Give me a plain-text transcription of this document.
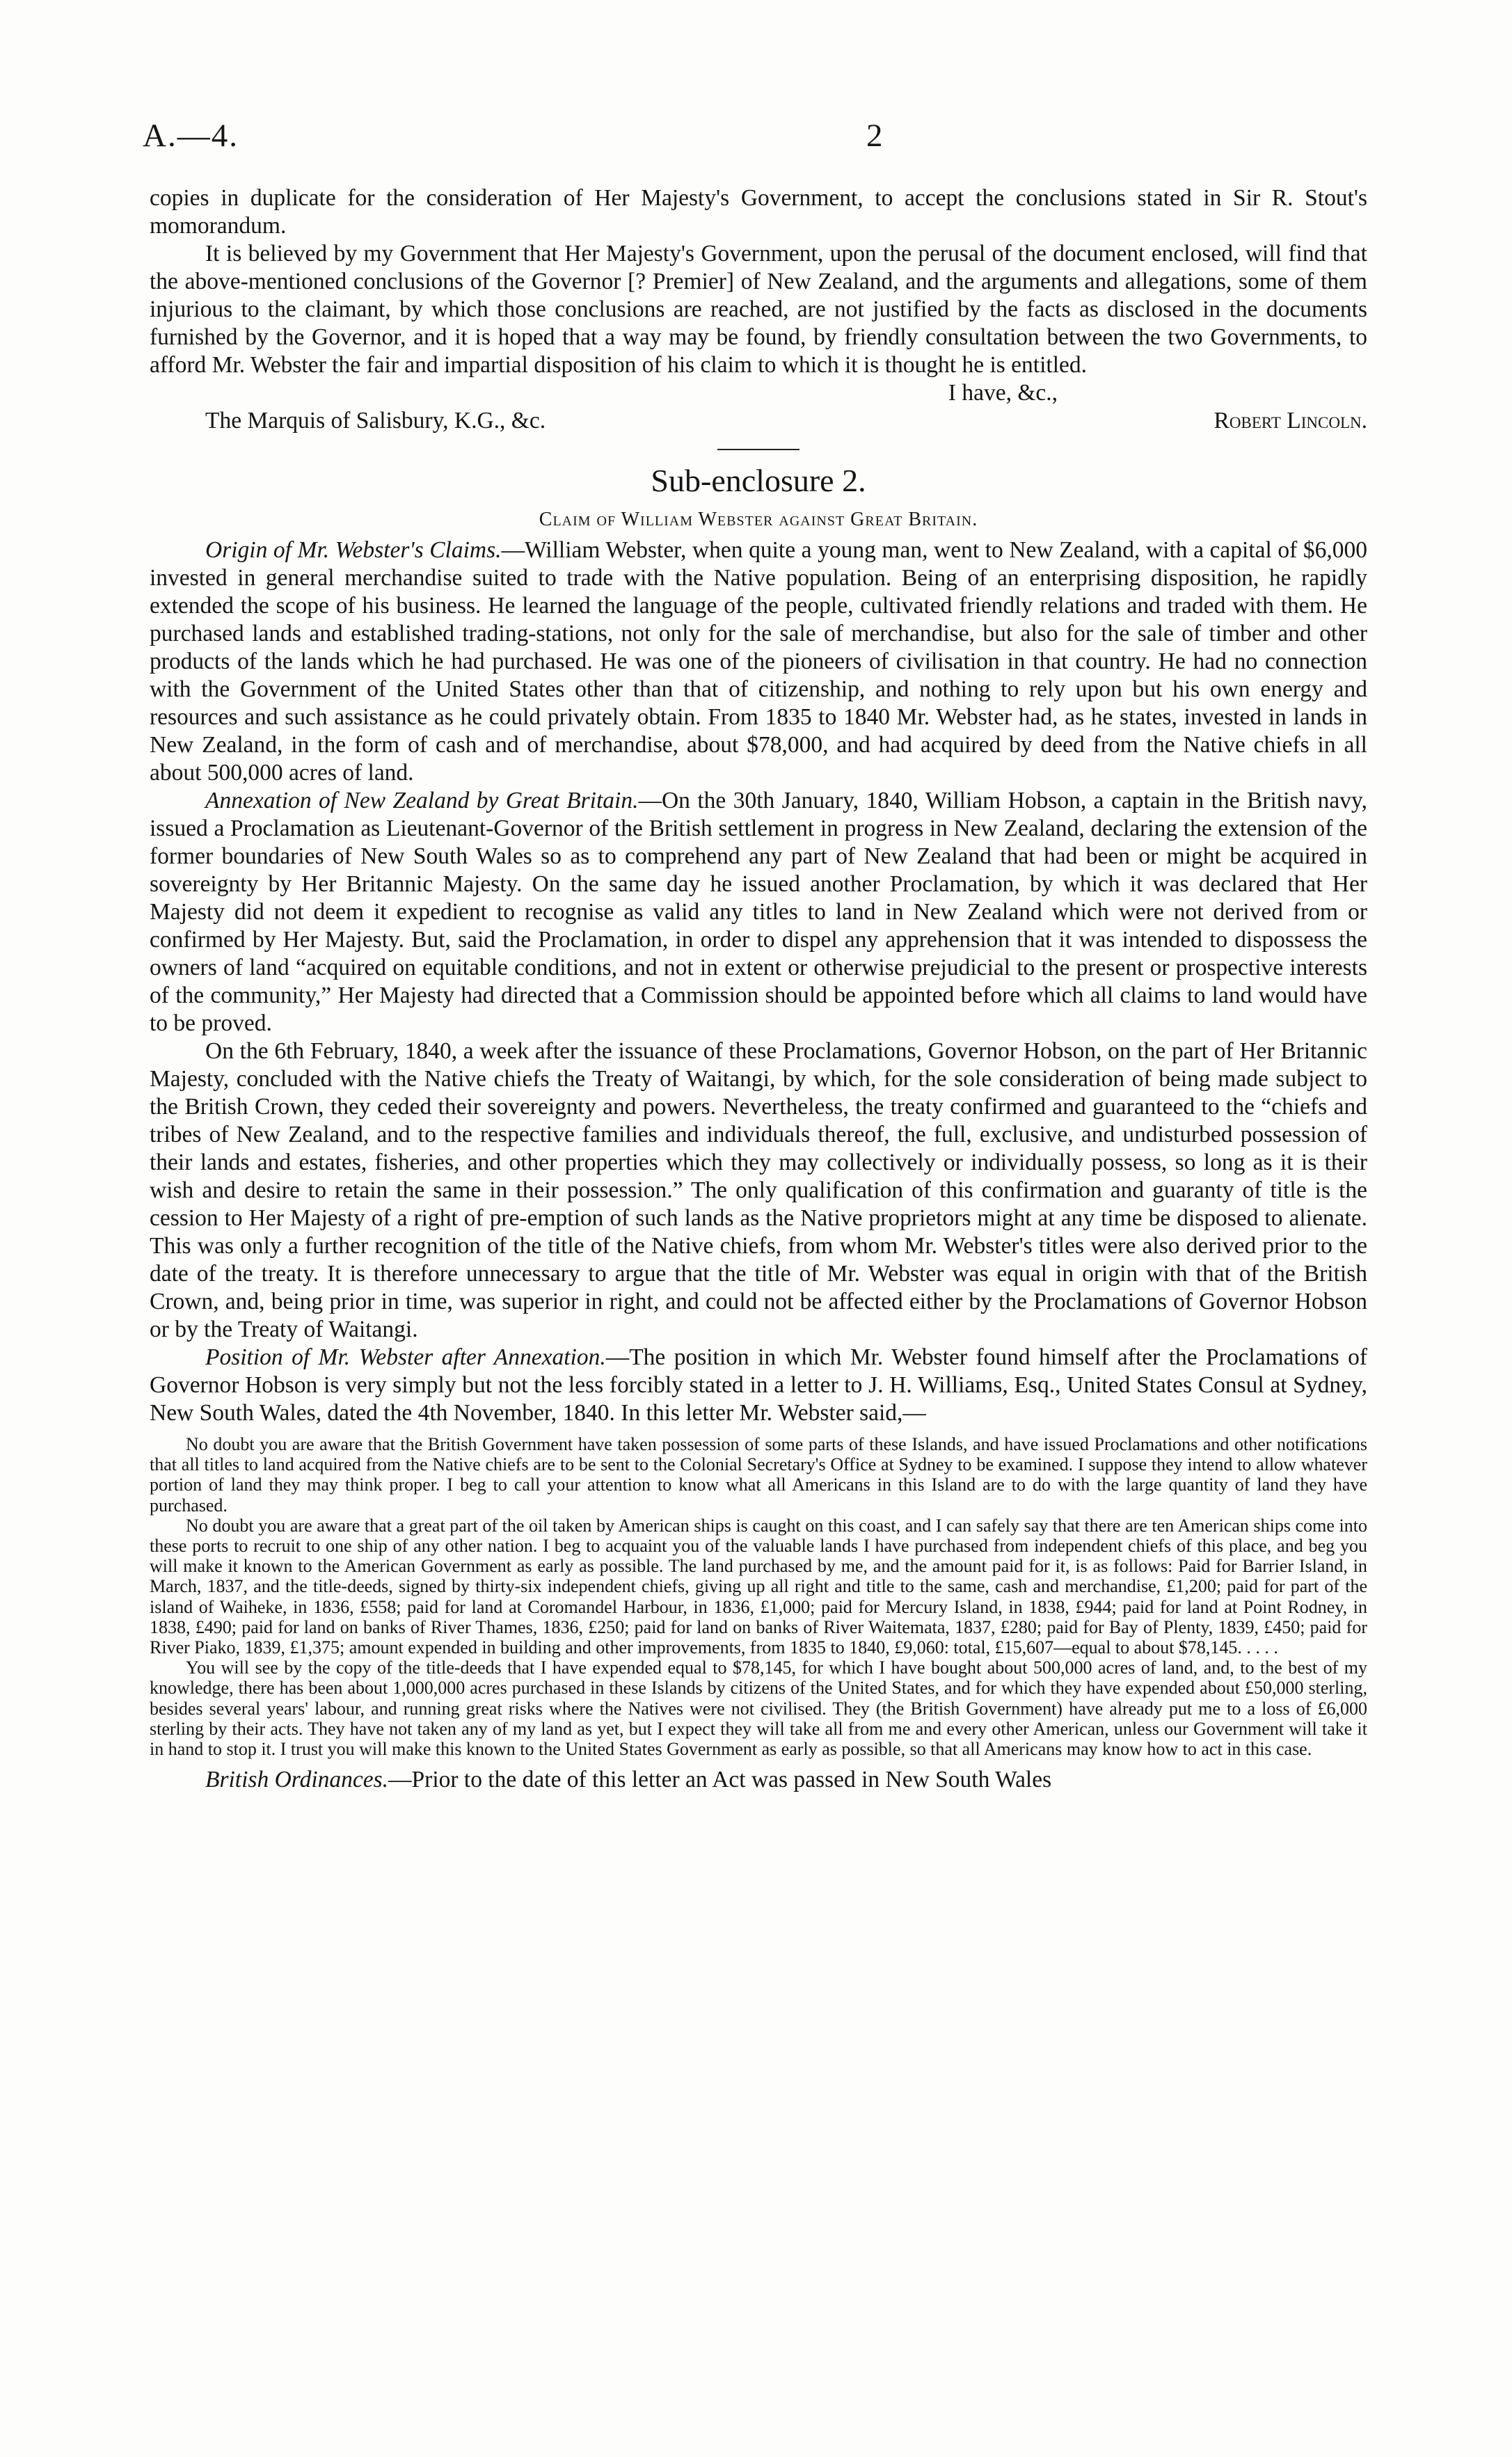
A.—4.	2

copies in duplicate for the consideration of Her Majesty's Government, to accept the conclusions stated in Sir R. Stout's momorandum.

It is believed by my Government that Her Majesty's Government, upon the perusal of the document enclosed, will find that the above-mentioned conclusions of the Governor [? Premier] of New Zealand, and the arguments and allegations, some of them injurious to the claimant, by which those conclusions are reached, are not justified by the facts as disclosed in the documents furnished by the Governor, and it is hoped that a way may be found, by friendly consultation between the two Governments, to afford Mr. Webster the fair and impartial disposition of his claim to which it is thought he is entitled.

I have, &c.,
The Marquis of Salisbury, K.G., &c.	Robert Lincoln.
Sub-enclosure 2.
Claim of William Webster against Great Britain.

Origin of Mr. Webster's Claims.—William Webster, when quite a young man, went to New Zealand, with a capital of $6,000 invested in general merchandise suited to trade with the Native population. Being of an enterprising disposition, he rapidly extended the scope of his business. He learned the language of the people, cultivated friendly relations and traded with them. He purchased lands and established trading-stations, not only for the sale of merchandise, but also for the sale of timber and other products of the lands which he had purchased. He was one of the pioneers of civilisation in that country. He had no connection with the Government of the United States other than that of citizenship, and nothing to rely upon but his own energy and resources and such assistance as he could privately obtain. From 1835 to 1840 Mr. Webster had, as he states, invested in lands in New Zealand, in the form of cash and of merchandise, about $78,000, and had acquired by deed from the Native chiefs in all about 500,000 acres of land.

Annexation of New Zealand by Great Britain.—On the 30th January, 1840, William Hobson, a captain in the British navy, issued a Proclamation as Lieutenant-Governor of the British settlement in progress in New Zealand, declaring the extension of the former boundaries of New South Wales so as to comprehend any part of New Zealand that had been or might be acquired in sovereignty by Her Britannic Majesty. On the same day he issued another Proclamation, by which it was declared that Her Majesty did not deem it expedient to recognise as valid any titles to land in New Zealand which were not derived from or confirmed by Her Majesty. But, said the Proclamation, in order to dispel any apprehension that it was intended to dispossess the owners of land “acquired on equitable conditions, and not in extent or otherwise prejudicial to the present or prospective interests of the community,” Her Majesty had directed that a Commission should be appointed before which all claims to land would have to be proved.

On the 6th February, 1840, a week after the issuance of these Proclamations, Governor Hobson, on the part of Her Britannic Majesty, concluded with the Native chiefs the Treaty of Waitangi, by which, for the sole consideration of being made subject to the British Crown, they ceded their sovereignty and powers. Nevertheless, the treaty confirmed and guaranteed to the “chiefs and tribes of New Zealand, and to the respective families and individuals thereof, the full, exclusive, and undisturbed possession of their lands and estates, fisheries, and other properties which they may collectively or individually possess, so long as it is their wish and desire to retain the same in their possession.” The only qualification of this confirmation and guaranty of title is the cession to Her Majesty of a right of pre-emption of such lands as the Native proprietors might at any time be disposed to alienate. This was only a further recognition of the title of the Native chiefs, from whom Mr. Webster's titles were also derived prior to the date of the treaty. It is therefore unnecessary to argue that the title of Mr. Webster was equal in origin with that of the British Crown, and, being prior in time, was superior in right, and could not be affected either by the Proclamations of Governor Hobson or by the Treaty of Waitangi.

Position of Mr. Webster after Annexation.—The position in which Mr. Webster found himself after the Proclamations of Governor Hobson is very simply but not the less forcibly stated in a letter to J. H. Williams, Esq., United States Consul at Sydney, New South Wales, dated the 4th November, 1840. In this letter Mr. Webster said,—

No doubt you are aware that the British Government have taken possession of some parts of these Islands, and have issued Proclamations and other notifications that all titles to land acquired from the Native chiefs are to be sent to the Colonial Secretary's Office at Sydney to be examined. I suppose they intend to allow whatever portion of land they may think proper. I beg to call your attention to know what all Americans in this Island are to do with the large quantity of land they have purchased.

No doubt you are aware that a great part of the oil taken by American ships is caught on this coast, and I can safely say that there are ten American ships come into these ports to recruit to one ship of any other nation. I beg to acquaint you of the valuable lands I have purchased from independent chiefs of this place, and beg you will make it known to the American Government as early as possible. The land purchased by me, and the amount paid for it, is as follows: Paid for Barrier Island, in March, 1837, and the title-deeds, signed by thirty-six independent chiefs, giving up all right and title to the same, cash and merchandise, £1,200; paid for part of the island of Waiheke, in 1836, £558; paid for land at Coromandel Harbour, in 1836, £1,000; paid for Mercury Island, in 1838, £944; paid for land at Point Rodney, in 1838, £490; paid for land on banks of River Thames, 1836, £250; paid for land on banks of River Waitemata, 1837, £280; paid for Bay of Plenty, 1839, £450; paid for River Piako, 1839, £1,375; amount expended in building and other improvements, from 1835 to 1840, £9,060: total, £15,607—equal to about $78,145. . . . .

You will see by the copy of the title-deeds that I have expended equal to $78,145, for which I have bought about 500,000 acres of land, and, to the best of my knowledge, there has been about 1,000,000 acres purchased in these Islands by citizens of the United States, and for which they have expended about £50,000 sterling, besides several years' labour, and running great risks where the Natives were not civilised. They (the British Government) have already put me to a loss of £6,000 sterling by their acts. They have not taken any of my land as yet, but I expect they will take all from me and every other American, unless our Government will take it in hand to stop it. I trust you will make this known to the United States Government as early as possible, so that all Americans may know how to act in this case.

British Ordinances.—Prior to the date of this letter an Act was passed in New South Wales
